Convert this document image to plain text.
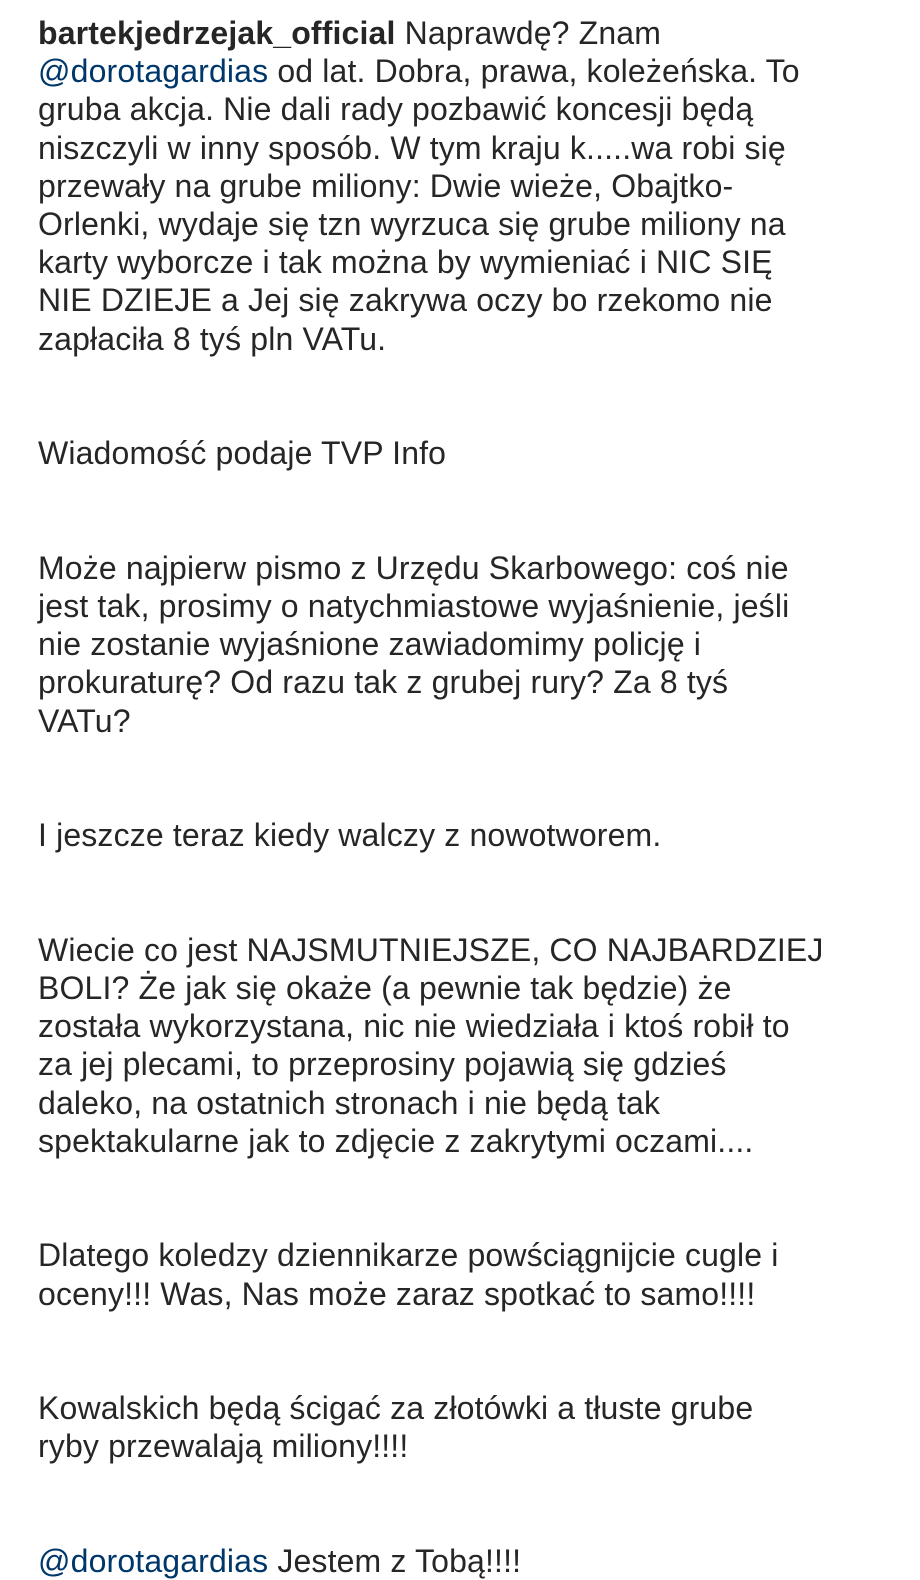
bartekjedrzejak_official Naprawdę? Znam
@dorotagardias od lat. Dobra, prawa, koleżeńska. To
gruba akcja. Nie dali rady pozbawić koncesji będą
niszczyli w inny sposób. W tym kraju k.....wa robi się
przewały na grube miliony: Dwie wieże, Obajtko-
Orlenki, wydaje się tzn wyrzuca się grube miliony na
karty wyborcze i tak można by wymieniać i NIC SIĘ
NIE DZIEJE a Jej się zakrywa oczy bo rzekomo nie
zapłaciła 8 tyś pln VATu.
Wiadomość podaje TVP Info
Może najpierw pismo z Urzędu Skarbowego: coś nie
jest tak, prosimy o natychmiastowe wyjaśnienie, jeśli
nie zostanie wyjaśnione zawiadomimy policję i
prokuraturę? Od razu tak z grubej rury? Za 8 tyś
VATu?
I jeszcze teraz kiedy walczy z nowotworem.
Wiecie co jest NAJSMUTNIEJSZE, CO NAJBARDZIEJ
BOLI? Że jak się okaże (a pewnie tak będzie) że
została wykorzystana, nic nie wiedziała i ktoś robił to
za jej plecami, to przeprosiny pojawią się gdzieś
daleko, na ostatnich stronach i nie będą tak
spektakularne jak to zdjęcie z zakrytymi oczami....
Dlatego koledzy dziennikarze powściągnijcie cugle i
oceny!!! Was, Nas może zaraz spotkać to samo!!!!
Kowalskich będą ścigać za złotówki a tłuste grube
ryby przewalają miliony!!!!
@dorotagardias Jestem z Tobą!!!!
